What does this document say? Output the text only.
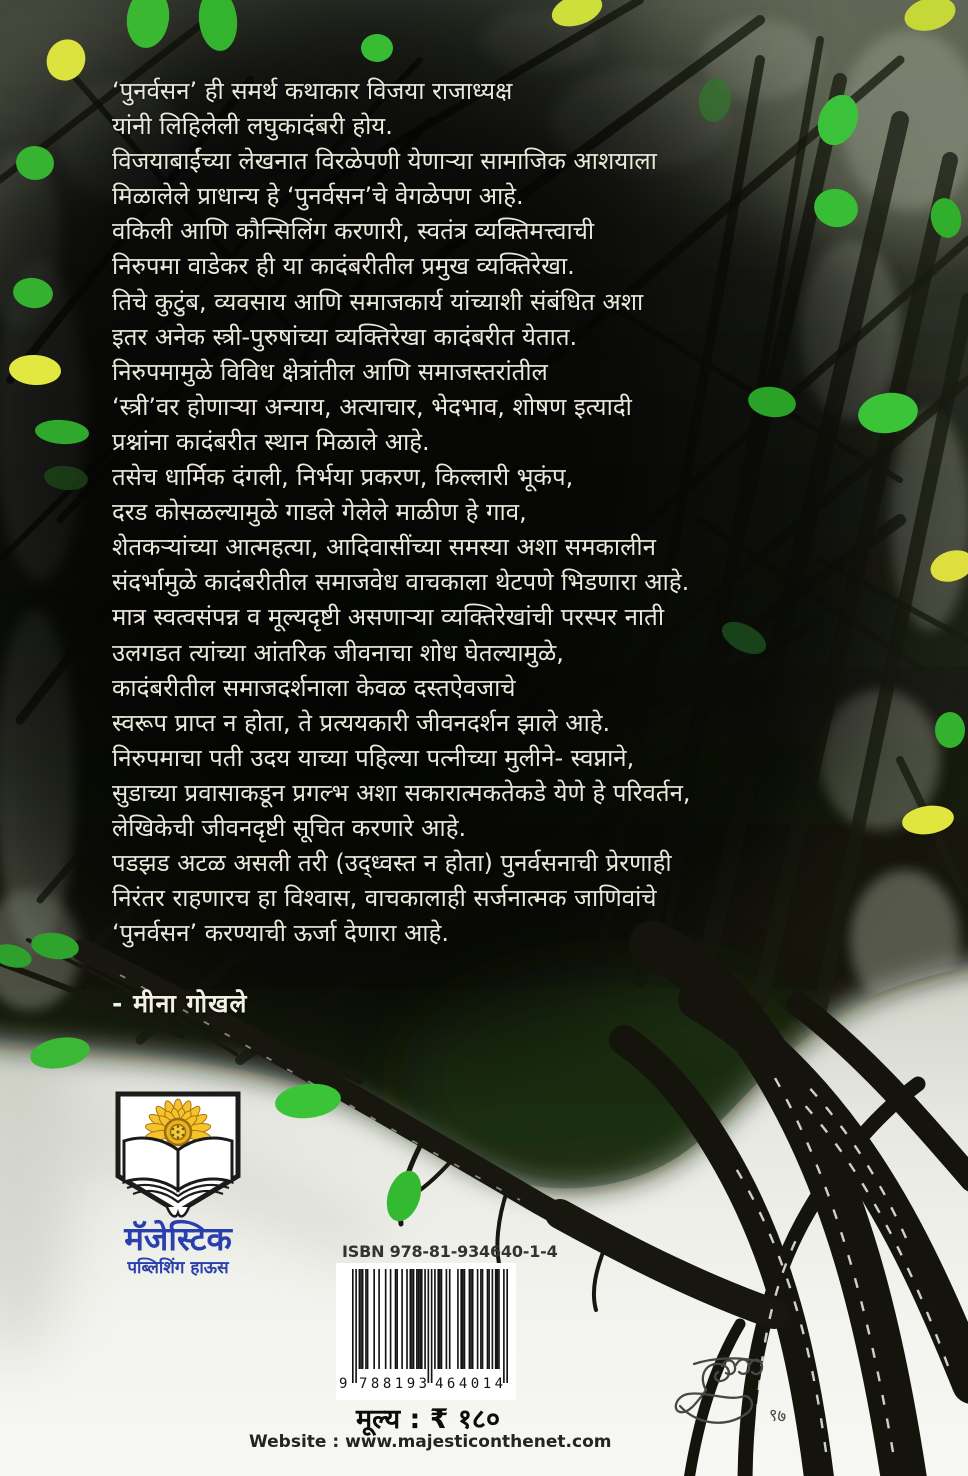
‘पुनर्वसन’ ही समर्थ कथाकार विजया राजाध्यक्ष
यांनी लिहिलेली लघुकादंबरी होय.
विजयाबाईंच्या लेखनात विरळेपणी येणाऱ्या सामाजिक आशयाला
मिळालेले प्राधान्य हे ‘पुनर्वसन’चे वेगळेपण आहे.
वकिली आणि कौन्सिलिंग करणारी, स्वतंत्र व्यक्तिमत्त्वाची
निरुपमा वाडेकर ही या कादंबरीतील प्रमुख व्यक्तिरेखा.
तिचे कुटुंब, व्यवसाय आणि समाजकार्य यांच्याशी संबंधित अशा
इतर अनेक स्त्री-पुरुषांच्या व्यक्तिरेखा कादंबरीत येतात.
निरुपमामुळे विविध क्षेत्रांतील आणि समाजस्तरांतील
‘स्त्री’वर होणाऱ्या अन्याय, अत्याचार, भेदभाव, शोषण इत्यादी
प्रश्नांना कादंबरीत स्थान मिळाले आहे.
तसेच धार्मिक दंगली, निर्भया प्रकरण, किल्लारी भूकंप,
दरड कोसळल्यामुळे गाडले गेलेले माळीण हे गाव,
शेतकऱ्यांच्या आत्महत्या, आदिवासींच्या समस्या अशा समकालीन
संदर्भामुळे कादंबरीतील समाजवेध वाचकाला थेटपणे भिडणारा आहे.
मात्र स्वत्वसंपन्न व मूल्यदृष्टी असणाऱ्या व्यक्तिरेखांची परस्पर नाती
उलगडत त्यांच्या आंतरिक जीवनाचा शोध घेतल्यामुळे,
कादंबरीतील समाजदर्शनाला केवळ दस्तऐवजाचे
स्वरूप प्राप्त न होता, ते प्रत्ययकारी जीवनदर्शन झाले आहे.
निरुपमाचा पती उदय याच्या पहिल्या पत्नीच्या मुलीने- स्वप्नाने,
सुडाच्या प्रवासाकडून प्रगल्भ अशा सकारात्मकतेकडे येणे हे परिवर्तन,
लेखिकेची जीवनदृष्टी सूचित करणारे आहे.
पडझड अटळ असली तरी (उद्ध्वस्त न होता) पुनर्वसनाची प्रेरणाही
निरंतर राहणारच हा विश्वास, वाचकालाही सर्जनात्मक जाणिवांचे
‘पुनर्वसन’ करण्याची ऊर्जा देणारा आहे.
- मीना गोखले
मॅजेस्टिक
पब्लिशिंग हाऊस
ISBN 978-81-934640-1-4
9 788193 464014
मूल्य : ₹ १८०
Website : www.majesticonthenet.com
९७
